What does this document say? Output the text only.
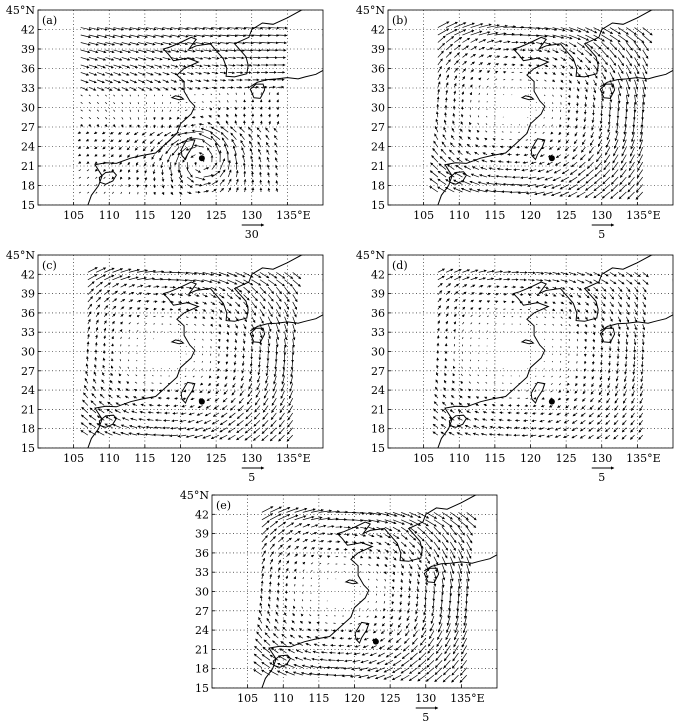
15
18
21
24
27
30
33
36
39
42
45°N
105 110 115 120 125 130 135°E
(a)
30
15
18
21
24
27
30
33
36
39
42
45°N
105 110 115 120 125 130 135°E
(b)
5
15
18
21
24
27
30
33
36
39
42
45°N
105 110 115 120 125 130 135°E
(c)
5
15
18
21
24
27
30
33
36
39
42
45°N
105 110 115 120 125 130 135°E
(d)
5
15
18
21
24
27
30
33
36
39
42
45°N
105 110 115 120 125 130 135°E
(e)
5
